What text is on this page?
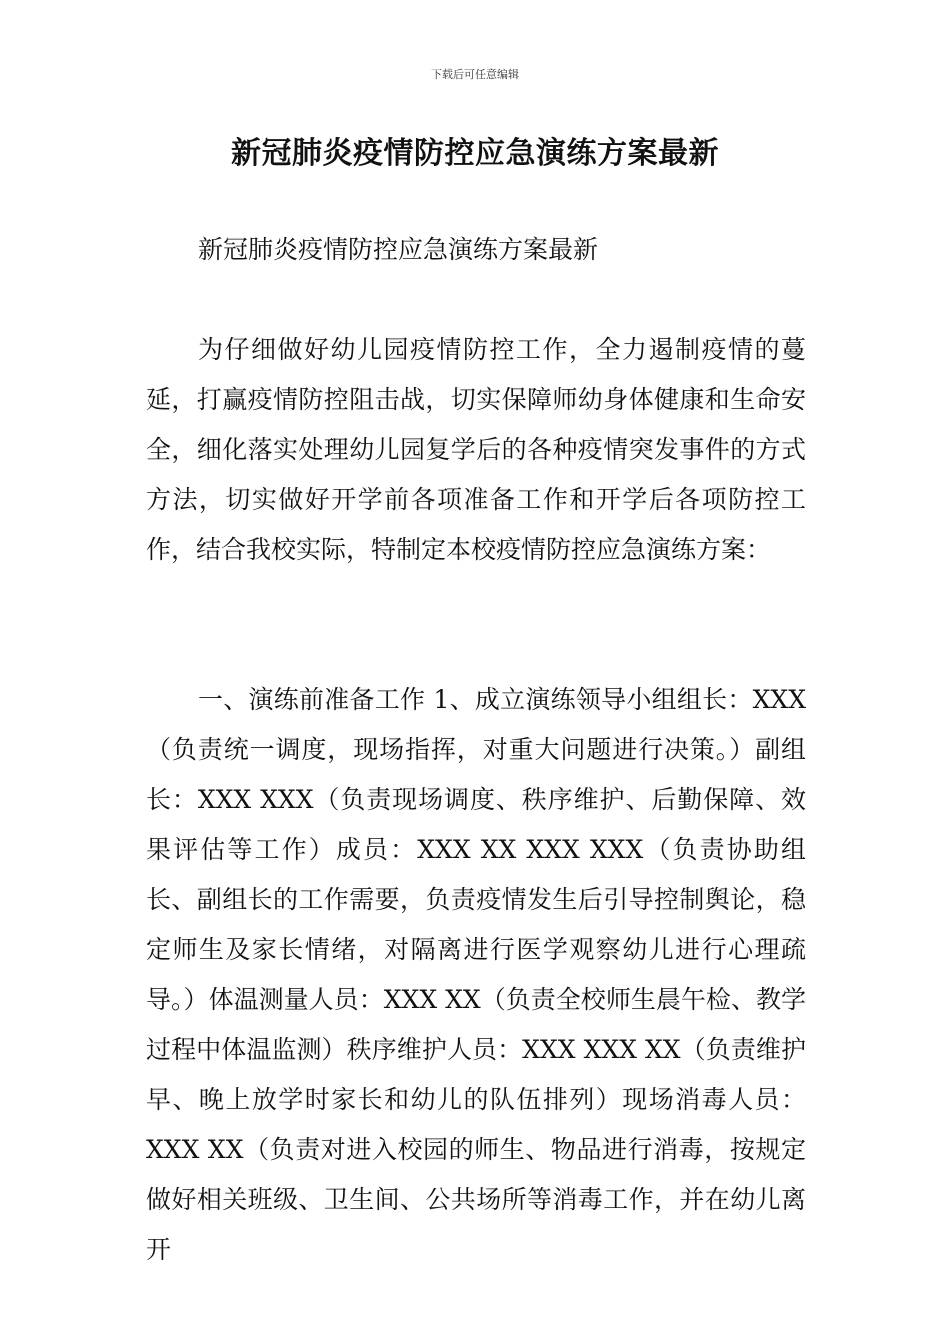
下载后可任意编辑
新冠肺炎疫情防控应急演练方案最新

新冠肺炎疫情防控应急演练方案最新

为仔细做好幼儿园疫情防控工作，全力遏制疫情的蔓延，打赢疫情防控阻击战，切实保障师幼身体健康和生命安全，细化落实处理幼儿园复学后的各种疫情突发事件的方式方法，切实做好开学前各项准备工作和开学后各项防控工作，结合我校实际，特制定本校疫情防控应急演练方案：

一、演练前准备工作 1、成立演练领导小组组长：XXX（负责统一调度，现场指挥，对重大问题进行决策。）副组长：XXX XXX（负责现场调度、秩序维护、后勤保障、效果评估等工作）成员：XXX XX XXX XXX（负责协助组长、副组长的工作需要，负责疫情发生后引导控制舆论，稳定师生及家长情绪，对隔离进行医学观察幼儿进行心理疏导。）体温测量人员：XXX XX（负责全校师生晨午检、教学过程中体温监测）秩序维护人员：XXX XXX XX（负责维护早、晚上放学时家长和幼儿的队伍排列）现场消毒人员：XXX XX（负责对进入校园的师生、物品进行消毒，按规定做好相关班级、卫生间、公共场所等消毒工作，并在幼儿离开
